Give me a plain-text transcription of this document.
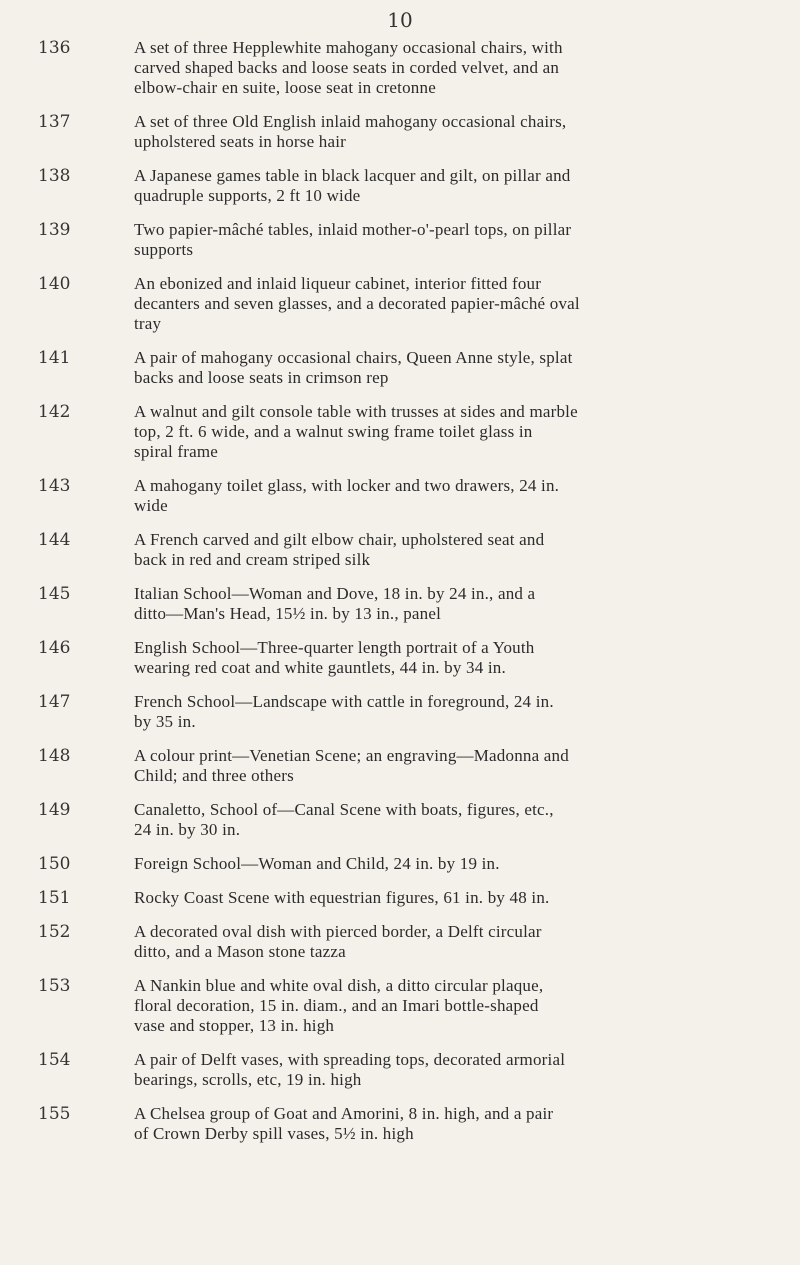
10
136	A set of three Hepplewhite mahogany occasional chairs, with
carved shaped backs and loose seats in corded velvet, and an
elbow-chair en suite, loose seat in cretonne
137	A set of three Old English inlaid mahogany occasional chairs,
upholstered seats in horse hair
138	A Japanese games table in black lacquer and gilt, on pillar and
quadruple supports, 2 ft 10 wide
139	Two papier-mâché tables, inlaid mother-o'-pearl tops, on pillar
supports
140	An ebonized and inlaid liqueur cabinet, interior fitted four
decanters and seven glasses, and a decorated papier-mâché oval
tray
141	A pair of mahogany occasional chairs, Queen Anne style, splat
backs and loose seats in crimson rep
142	A walnut and gilt console table with trusses at sides and marble
top, 2 ft. 6 wide, and a walnut swing frame toilet glass in
spiral frame
143	A mahogany toilet glass, with locker and two drawers, 24 in.
wide
144	A French carved and gilt elbow chair, upholstered seat and
back in red and cream striped silk
145	Italian School—Woman and Dove, 18 in. by 24 in., and a
ditto—Man's Head, 15½ in. by 13 in., panel
146	English School—Three-quarter length portrait of a Youth
wearing red coat and white gauntlets, 44 in. by 34 in.
147	French School—Landscape with cattle in foreground, 24 in.
by 35 in.
148	A colour print—Venetian Scene; an engraving—Madonna and
Child; and three others
149	Canaletto, School of—Canal Scene with boats, figures, etc.,
24 in. by 30 in.
150	Foreign School—Woman and Child, 24 in. by 19 in.
151	Rocky Coast Scene with equestrian figures, 61 in. by 48 in.
152	A decorated oval dish with pierced border, a Delft circular
ditto, and a Mason stone tazza
153	A Nankin blue and white oval dish, a ditto circular plaque,
floral decoration, 15 in. diam., and an Imari bottle-shaped
vase and stopper, 13 in. high
154	A pair of Delft vases, with spreading tops, decorated armorial
bearings, scrolls, etc, 19 in. high
155	A Chelsea group of Goat and Amorini, 8 in. high, and a pair
of Crown Derby spill vases, 5½ in. high
